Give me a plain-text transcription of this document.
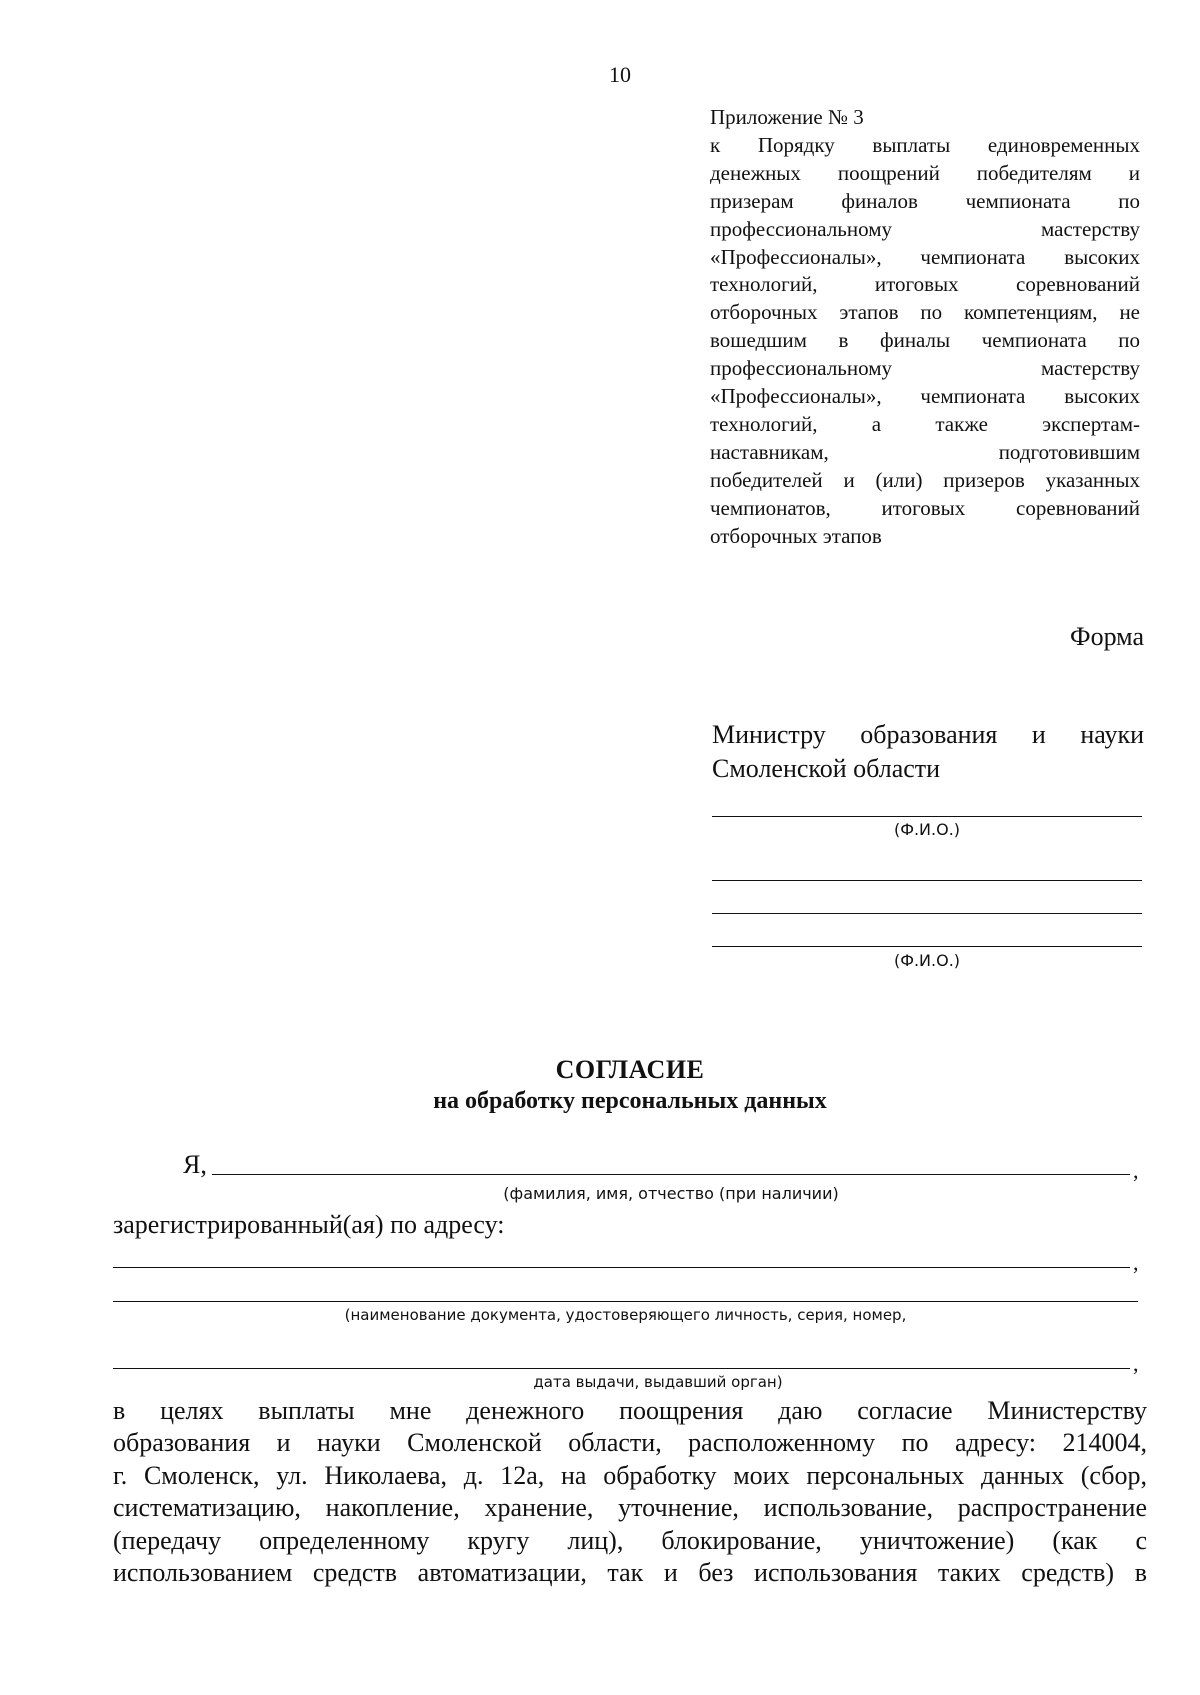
10
Приложение № 3
к Порядку выплаты единовременных
денежных поощрений победителям и
призерам финалов чемпионата по
профессиональному мастерству
«Профессионалы», чемпионата высоких
технологий, итоговых соревнований
отборочных этапов по компетенциям, не
вошедшим в финалы чемпионата по
профессиональному мастерству
«Профессионалы», чемпионата высоких
технологий, а также экспертам-
наставникам, подготовившим
победителей и (или) призеров указанных
чемпионатов, итоговых соревнований
отборочных этапов
Форма
Министру образования и науки
Смоленской области
(Ф.И.О.)
(Ф.И.О.)
СОГЛАСИЕ
на обработку персональных данных
Я,	,
(фамилия, имя, отчество (при наличии)
зарегистрированный(ая) по адресу:
,
(наименование документа, удостоверяющего личность, серия, номер,
,
дата выдачи, выдавший орган)
в целях выплаты мне денежного поощрения даю согласие Министерству
образования и науки Смоленской области, расположенному по адресу: 214004,
г. Смоленск, ул. Николаева, д. 12а, на обработку моих персональных данных (сбор,
систематизацию, накопление, хранение, уточнение, использование, распространение
(передачу определенному кругу лиц), блокирование, уничтожение) (как с
использованием средств автоматизации, так и без использования таких средств) в
